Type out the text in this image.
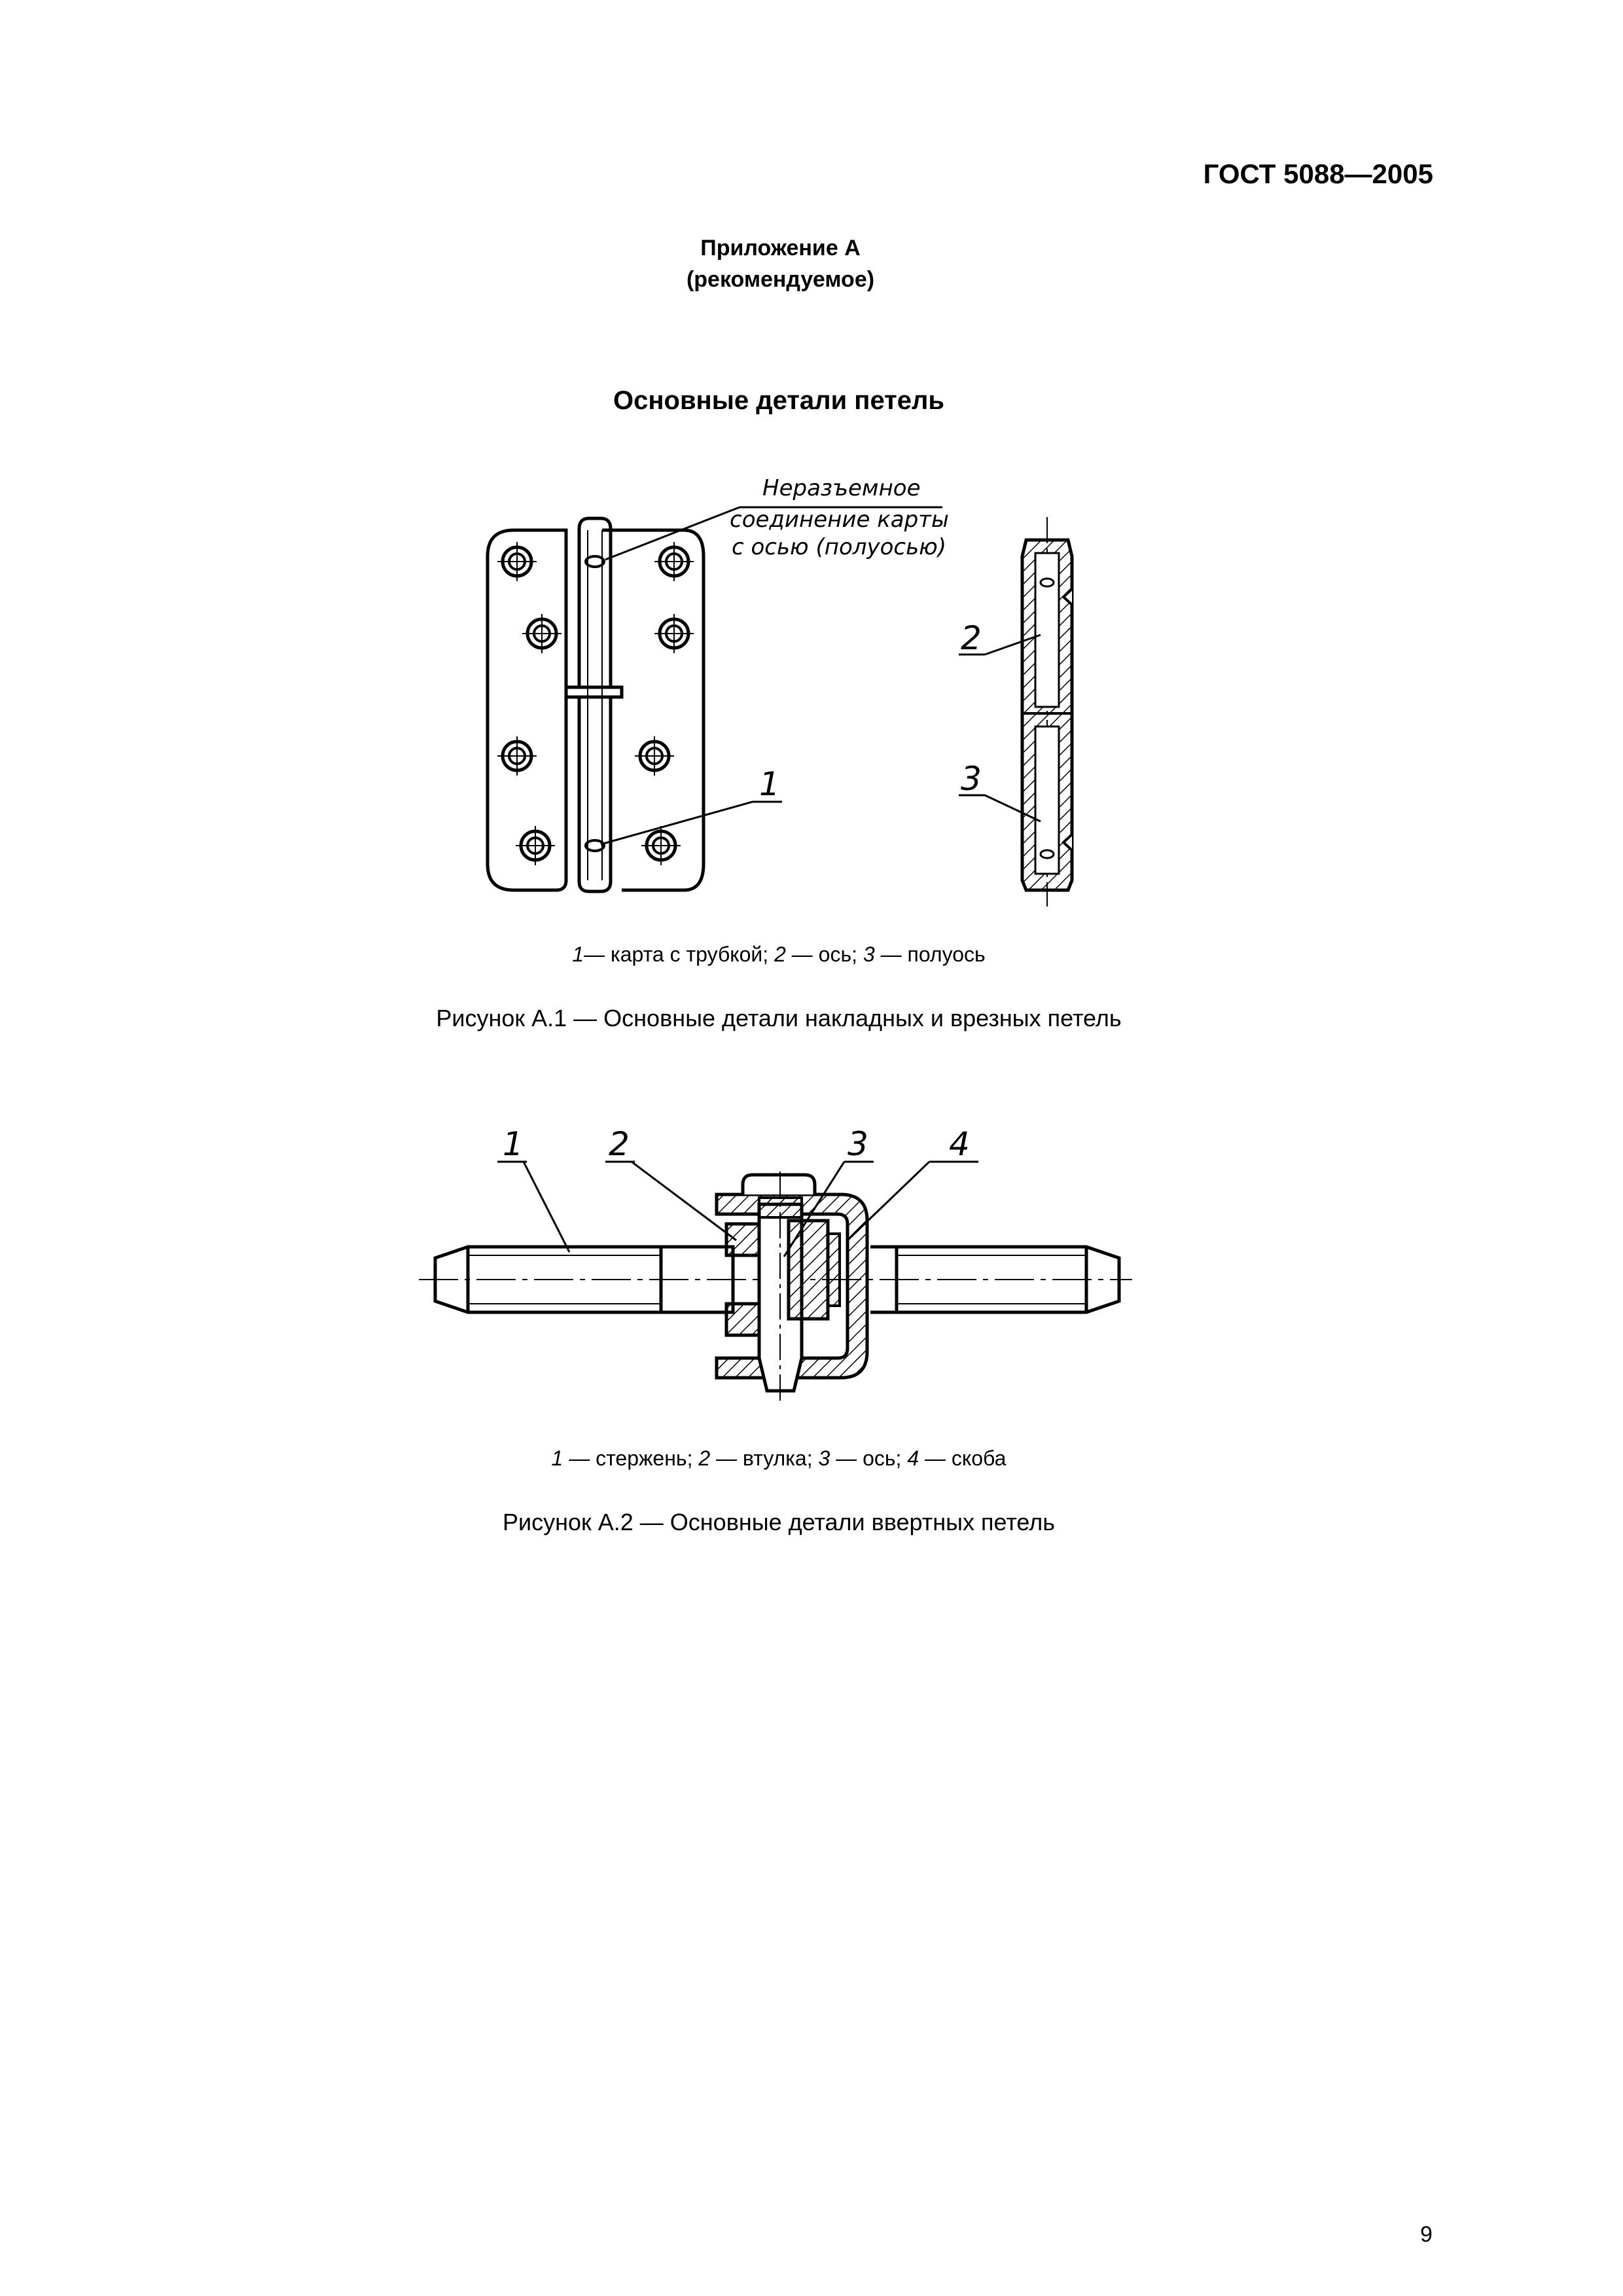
ГОСТ 5088—2005
Приложение А
(рекомендуемое)
Основные детали петель
Неразъемное
соединение карты
с осью (полуосью)
1
2
3
1— карта с трубкой; 2 — ось; 3 — полуось
Рисунок А.1 — Основные детали накладных и врезных петель
1	2	3 4
1 — стержень; 2 — втулка; 3 — ось; 4 — скоба
Рисунок А.2 — Основные детали ввертных петель
9
